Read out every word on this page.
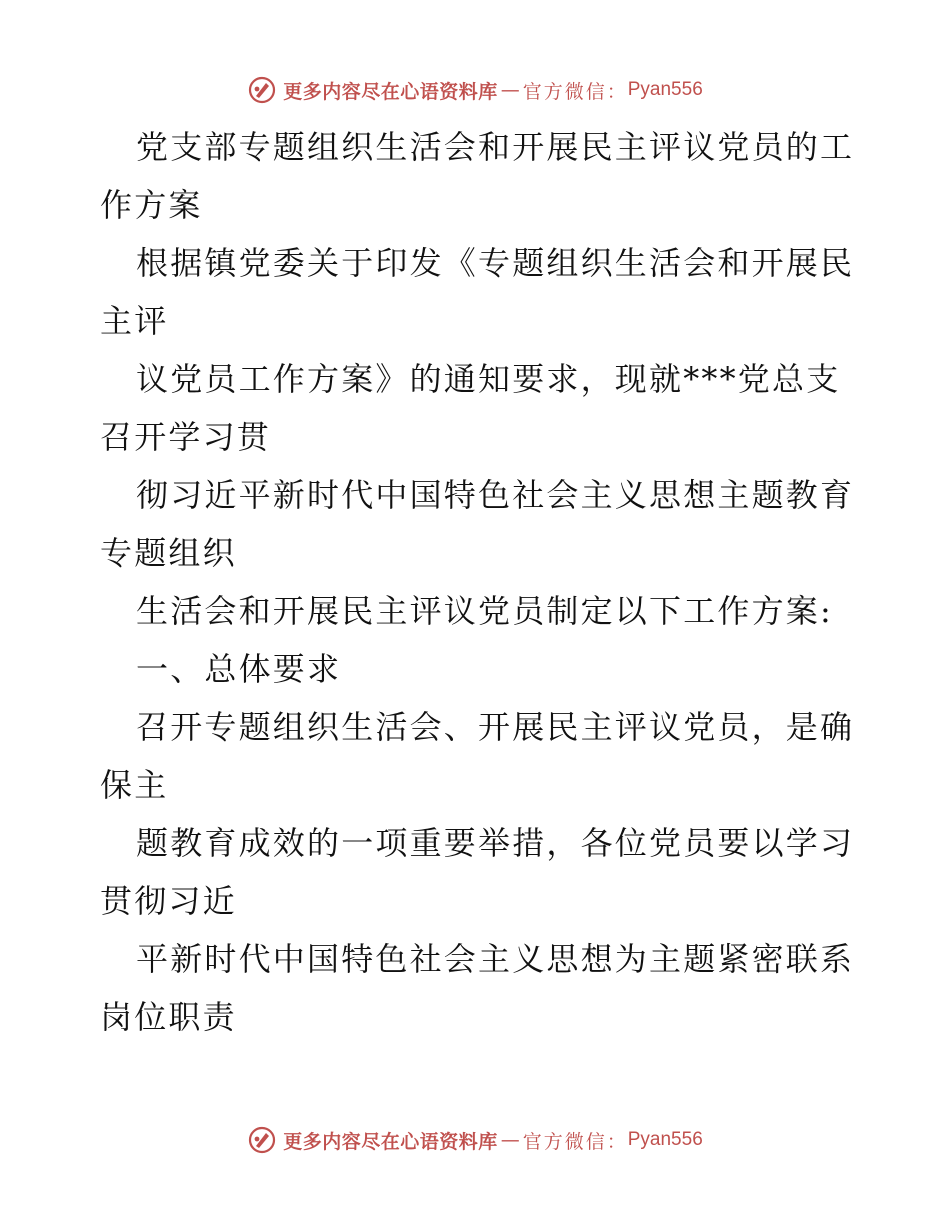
更多内容尽在心语资料库 — 官方微信： Pyan556

党支部专题组织生活会和开展民主评议党员的工
作方案

根据镇党委关于印发《专题组织生活会和开展民
主评

议党员工作方案》的通知要求，现就***党总支
召开学习贯

彻习近平新时代中国特色社会主义思想主题教育
专题组织

生活会和开展民主评议党员制定以下工作方案:

一、总体要求

召开专题组织生活会、开展民主评议党员，是确
保主

题教育成效的一项重要举措，各位党员要以学习
贯彻习近

平新时代中国特色社会主义思想为主题紧密联系
岗位职责

更多内容尽在心语资料库 — 官方微信： Pyan556
